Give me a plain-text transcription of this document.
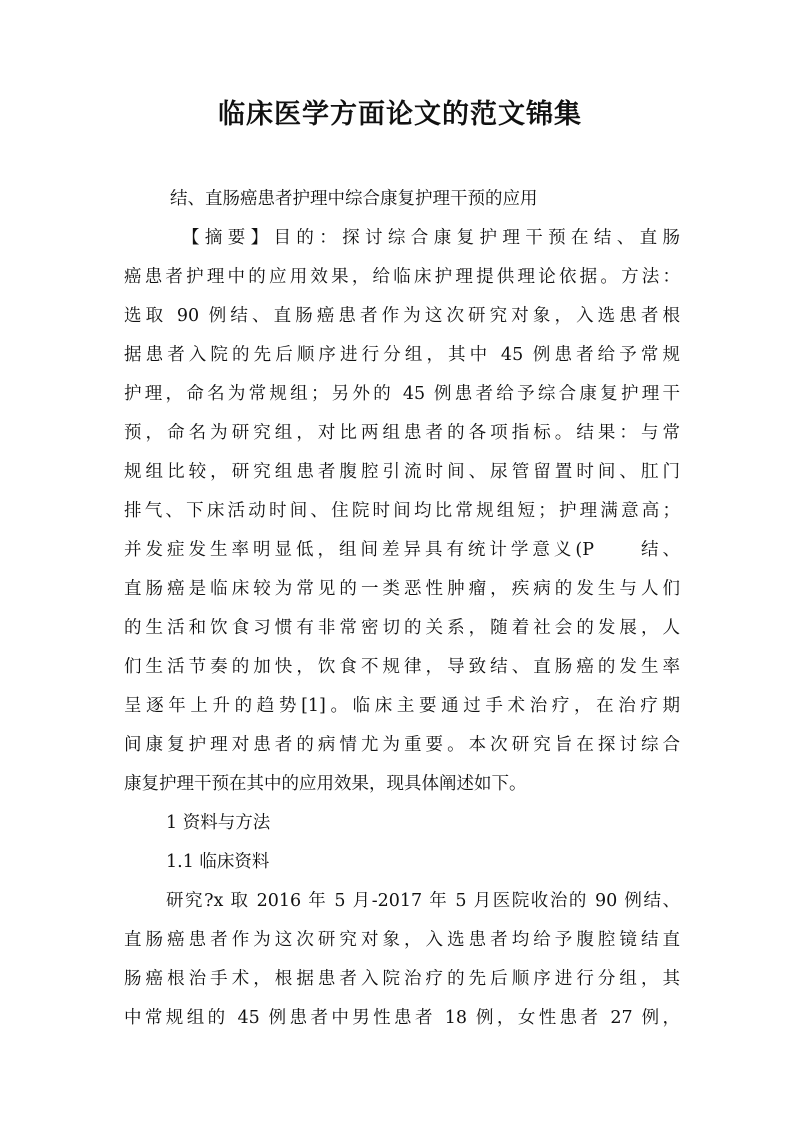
临床医学方面论文的范文锦集
结、直肠癌患者护理中综合康复护理干预的应用
【摘要】目的：探讨综合康复护理干预在结、直肠
癌患者护理中的应用效果，给临床护理提供理论依据。方法：
选取 90 例结、直肠癌患者作为这次研究对象，入选患者根
据患者入院的先后顺序进行分组，其中 45 例患者给予常规
护理，命名为常规组；另外的 45 例患者给予综合康复护理干
预，命名为研究组，对比两组患者的各项指标。结果：与常
规组比较，研究组患者腹腔引流时间、尿管留置时间、肛门
排气、下床活动时间、住院时间均比常规组短；护理满意高；
并发症发生率明显低，组间差异具有统计学意义(P　　结、
直肠癌是临床较为常见的一类恶性肿瘤，疾病的发生与人们
的生活和饮食习惯有非常密切的关系，随着社会的发展，人
们生活节奏的加快，饮食不规律，导致结、直肠癌的发生率
呈逐年上升的趋势[1]。临床主要通过手术治疗，在治疗期
间康复护理对患者的病情尤为重要。本次研究旨在探讨综合
康复护理干预在其中的应用效果，现具体阐述如下。
1 资料与方法
1.1 临床资料
研究?x 取 2016 年 5 月-2017 年 5 月医院收治的 90 例结、
直肠癌患者作为这次研究对象，入选患者均给予腹腔镜结直
肠癌根治手术，根据患者入院治疗的先后顺序进行分组，其
中常规组的 45 例患者中男性患者 18 例，女性患者 27 例，
